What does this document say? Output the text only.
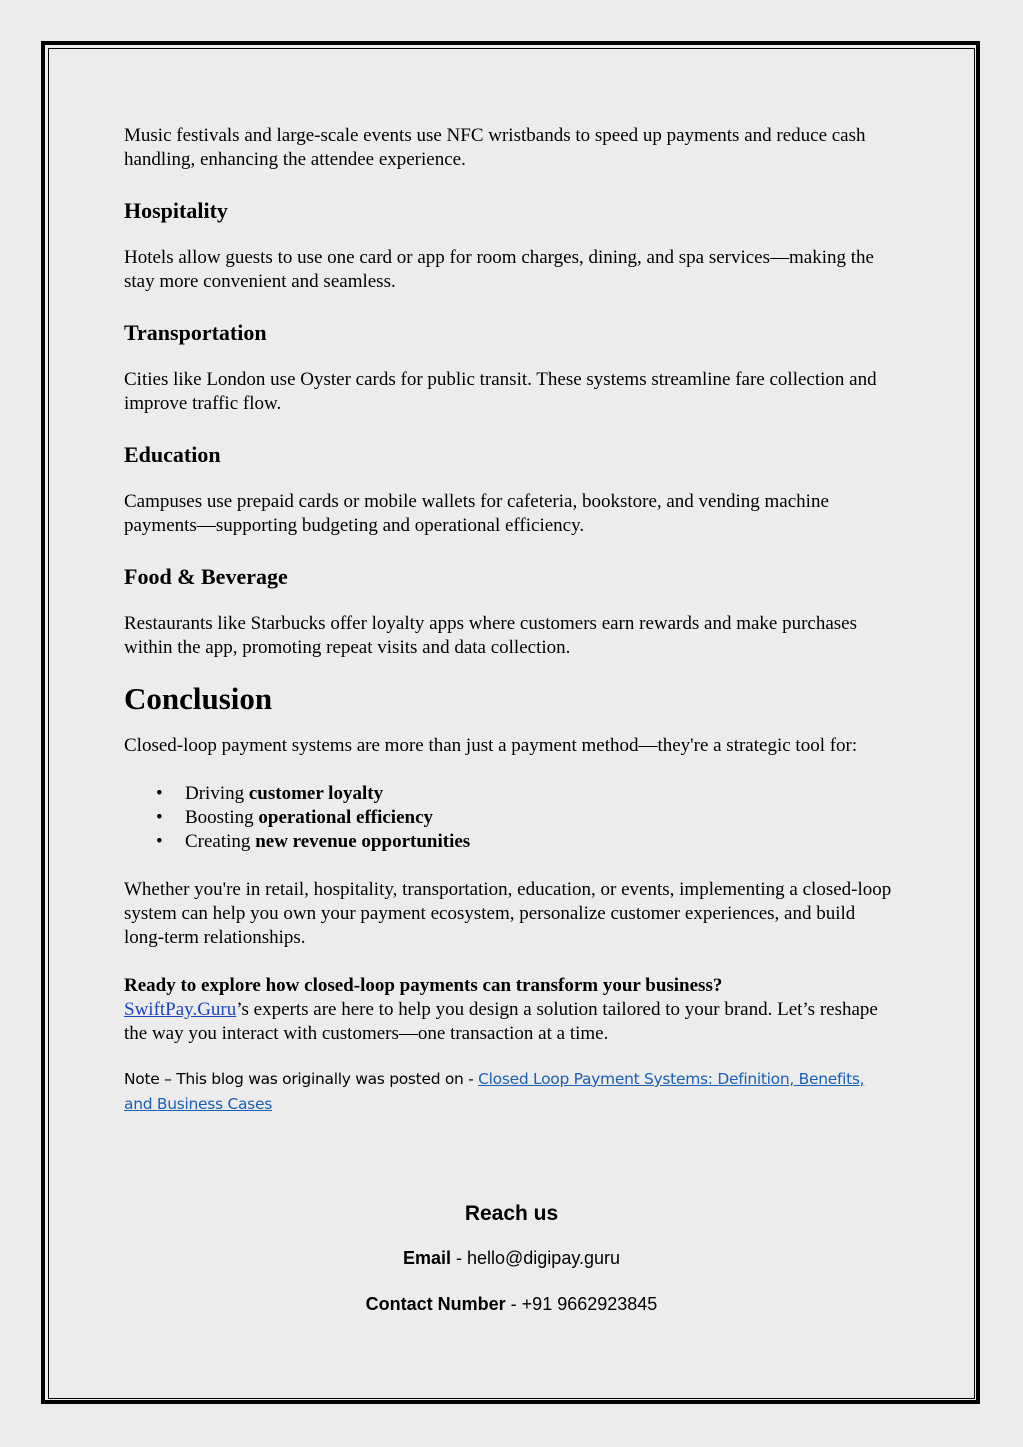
Music festivals and large-scale events use NFC wristbands to speed up payments and reduce cash handling, enhancing the attendee experience.

Hospitality

Hotels allow guests to use one card or app for room charges, dining, and spa services—making the stay more convenient and seamless.

Transportation

Cities like London use Oyster cards for public transit. These systems streamline fare collection and improve traffic flow.

Education

Campuses use prepaid cards or mobile wallets for cafeteria, bookstore, and vending machine payments—supporting budgeting and operational efficiency.

Food & Beverage

Restaurants like Starbucks offer loyalty apps where customers earn rewards and make purchases within the app, promoting repeat visits and data collection.

Conclusion

Closed-loop payment systems are more than just a payment method—they're a strategic tool for:

• Driving customer loyalty
• Boosting operational efficiency
• Creating new revenue opportunities

Whether you're in retail, hospitality, transportation, education, or events, implementing a closed-loop system can help you own your payment ecosystem, personalize customer experiences, and build long-term relationships.

Ready to explore how closed-loop payments can transform your business?
SwiftPay.Guru’s experts are here to help you design a solution tailored to your brand. Let’s reshape the way you interact with customers—one transaction at a time.

Note – This blog was originally was posted on - Closed Loop Payment Systems: Definition, Benefits, and Business Cases

Reach us
Email - hello@digipay.guru
Contact Number - +91 9662923845
